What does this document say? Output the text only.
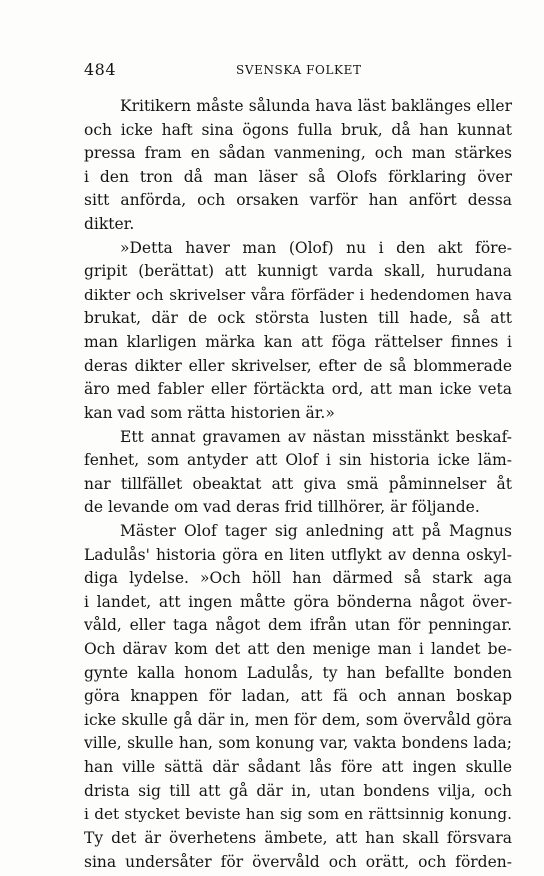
484	SVENSKA FOLKET
Kritikern måste sålunda hava läst baklänges eller
och icke haft sina ögons fulla bruk, då han kunnat
pressa fram en sådan vanmening, och man stärkes
i den tron då man läser så Olofs förklaring över
sitt anförda, och orsaken varför han anfört dessa
dikter.
»Detta haver man (Olof) nu i den akt före-
gripit (berättat) att kunnigt varda skall, hurudana
dikter och skrivelser våra förfäder i hedendomen hava
brukat, där de ock största lusten till hade, så att
man klarligen märka kan att föga rättelser finnes i
deras dikter eller skrivelser, efter de så blommerade
äro med fabler eller förtäckta ord, att man icke veta
kan vad som rätta historien är.»
Ett annat gravamen av nästan misstänkt beskaf-
fenhet, som antyder att Olof i sin historia icke läm-
nar tillfället obeaktat att giva smä påminnelser åt
de levande om vad deras frid tillhörer, är följande.
Mäster Olof tager sig anledning att på Magnus
Ladulås' historia göra en liten utflykt av denna oskyl-
diga lydelse. »Och höll han därmed så stark aga
i landet, att ingen måtte göra bönderna något över-
våld, eller taga något dem ifrån utan för penningar.
Och därav kom det att den menige man i landet be-
gynte kalla honom Ladulås, ty han befallte bonden
göra knappen för ladan, att fä och annan boskap
icke skulle gå där in, men för dem, som övervåld göra
ville, skulle han, som konung var, vakta bondens lada;
han ville sättä där sådant lås före att ingen skulle
drista sig till att gå där in, utan bondens vilja, och
i det stycket beviste han sig som en rättsinnig konung.
Ty det är överhetens ämbete, att han skall försvara
sina undersåter för övervåld och orätt, och förden-
